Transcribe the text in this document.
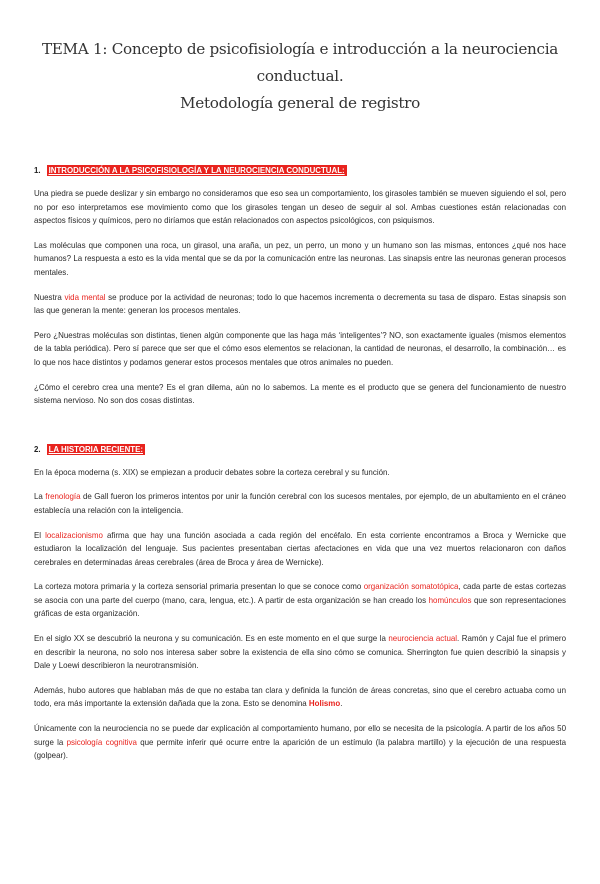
TEMA 1: Concepto de psicofisiología e introducción a la neurociencia conductual.
Metodología general de registro
1. INTRODUCCIÓN A LA PSICOFISIOLOGÍA Y LA NEUROCIENCIA CONDUCTUAL:

Una piedra se puede deslizar y sin embargo no consideramos que eso sea un comportamiento, los girasoles también se mueven siguiendo el sol, pero no por eso interpretamos ese movimiento como que los girasoles tengan un deseo de seguir al sol. Ambas cuestiones están relacionadas con aspectos físicos y químicos, pero no diríamos que están relacionados con aspectos psicológicos, con psiquismos.

Las moléculas que componen una roca, un girasol, una araña, un pez, un perro, un mono y un humano son las mismas, entonces ¿qué nos hace humanos? La respuesta a esto es la vida mental que se da por la comunicación entre las neuronas. Las sinapsis entre las neuronas generan procesos mentales.

Nuestra vida mental se produce por la actividad de neuronas; todo lo que hacemos incrementa o decrementa su tasa de disparo. Estas sinapsis son las que generan la mente: generan los procesos mentales.

Pero ¿Nuestras moléculas son distintas, tienen algún componente que las haga más ‘inteligentes’? NO, son exactamente iguales (mismos elementos de la tabla periódica). Pero sí parece que ser que el cómo esos elementos se relacionan, la cantidad de neuronas, el desarrollo, la combinación… es lo que nos hace distintos y podamos generar estos procesos mentales que otros animales no pueden.

¿Cómo el cerebro crea una mente? Es el gran dilema, aún no lo sabemos. La mente es el producto que se genera del funcionamiento de nuestro sistema nervioso. No son dos cosas distintas.

2. LA HISTORIA RECIENTE:

En la época moderna (s. XIX) se empiezan a producir debates sobre la corteza cerebral y su función.

La frenología de Gall fueron los primeros intentos por unir la función cerebral con los sucesos mentales, por ejemplo, de un abultamiento en el cráneo establecía una relación con la inteligencia.

El localizacionismo afirma que hay una función asociada a cada región del encéfalo. En esta corriente encontramos a Broca y Wernicke que estudiaron la localización del lenguaje. Sus pacientes presentaban ciertas afectaciones en vida que una vez muertos relacionaron con daños cerebrales en determinadas áreas cerebrales (área de Broca y área de Wernicke).

La corteza motora primaria y la corteza sensorial primaria presentan lo que se conoce como organización somatotópica, cada parte de estas cortezas se asocia con una parte del cuerpo (mano, cara, lengua, etc.). A partir de esta organización se han creado los homúnculos que son representaciones gráficas de esta organización.

En el siglo XX se descubrió la neurona y su comunicación. Es en este momento en el que surge la neurociencia actual. Ramón y Cajal fue el primero en describir la neurona, no solo nos interesa saber sobre la existencia de ella sino cómo se comunica. Sherrington fue quien describió la sinapsis y Dale y Loewi describieron la neurotransmisión.

Además, hubo autores que hablaban más de que no estaba tan clara y definida la función de áreas concretas, sino que el cerebro actuaba como un todo, era más importante la extensión dañada que la zona. Esto se denomina Holismo.

Únicamente con la neurociencia no se puede dar explicación al comportamiento humano, por ello se necesita de la psicología. A partir de los años 50 surge la psicología cognitiva que permite inferir qué ocurre entre la aparición de un estímulo (la palabra martillo) y la ejecución de una respuesta (golpear).
